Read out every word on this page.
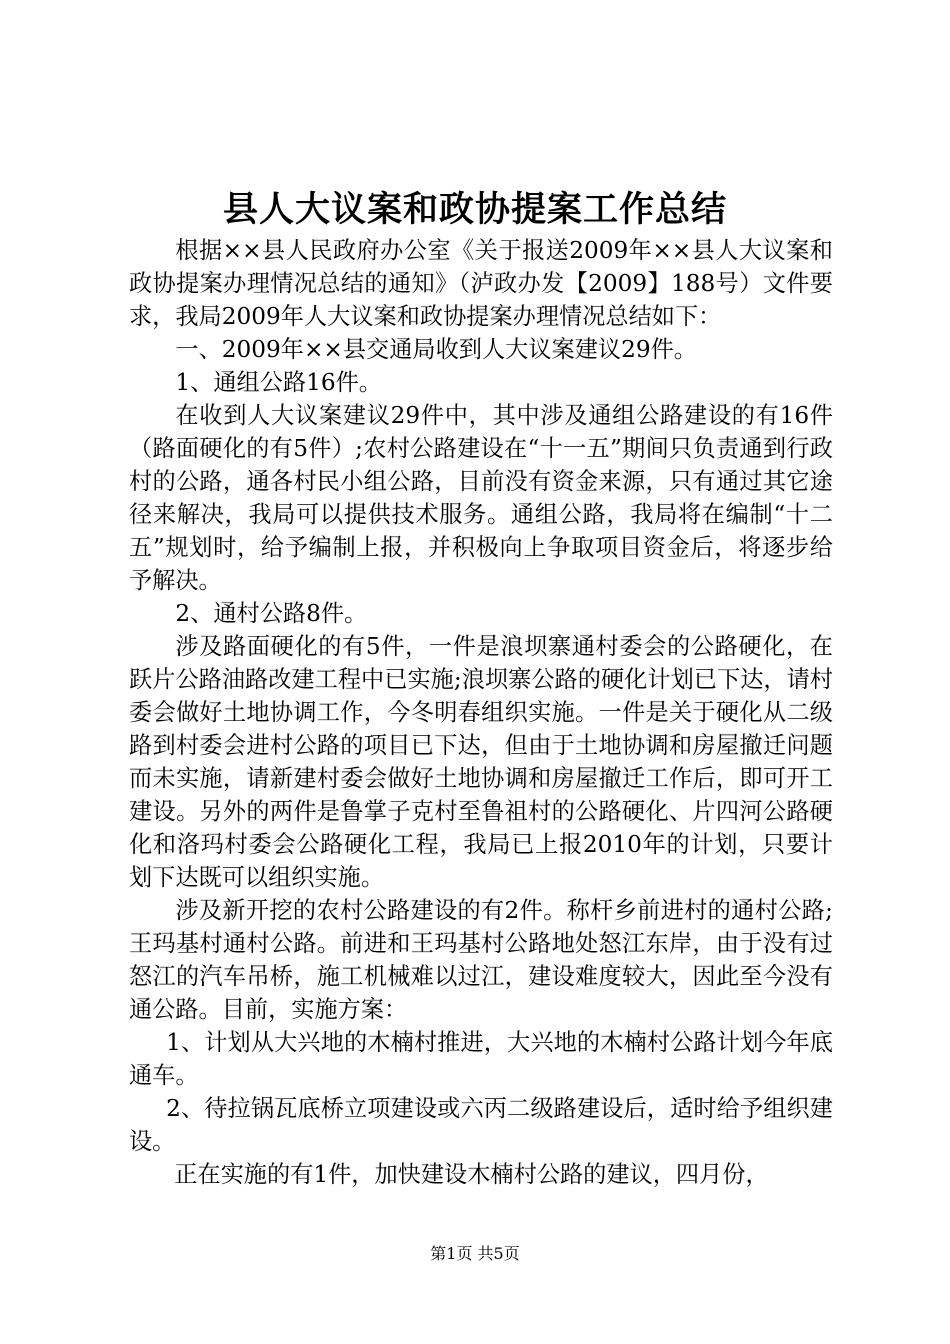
县人大议案和政协提案工作总结

根据××县人民政府办公室《关于报送2009年××县人大议案和政协提案办理情况总结的通知》（泸政办发【2009】188号）文件要求，我局2009年人大议案和政协提案办理情况总结如下：

一、2009年××县交通局收到人大议案建议29件。

1、通组公路16件。

在收到人大议案建议29件中，其中涉及通组公路建设的有16件（路面硬化的有5件）;农村公路建设在“十一五”期间只负责通到行政村的公路，通各村民小组公路，目前没有资金来源，只有通过其它途径来解决，我局可以提供技术服务。通组公路，我局将在编制“十二五”规划时，给予编制上报，并积极向上争取项目资金后，将逐步给予解决。

2、通村公路8件。

涉及路面硬化的有5件，一件是浪坝寨通村委会的公路硬化，在跃片公路油路改建工程中已实施;浪坝寨公路的硬化计划已下达，请村委会做好土地协调工作，今冬明春组织实施。一件是关于硬化从二级路到村委会进村公路的项目已下达，但由于土地协调和房屋撤迁问题而未实施，请新建村委会做好土地协调和房屋撤迁工作后，即可开工建设。另外的两件是鲁掌子克村至鲁祖村的公路硬化、片四河公路硬化和洛玛村委会公路硬化工程，我局已上报2010年的计划，只要计划下达既可以组织实施。

涉及新开挖的农村公路建设的有2件。称杆乡前进村的通村公路;王玛基村通村公路。前进和王玛基村公路地处怒江东岸，由于没有过怒江的汽车吊桥，施工机械难以过江，建设难度较大，因此至今没有通公路。目前，实施方案：

1、计划从大兴地的木楠村推进，大兴地的木楠村公路计划今年底通车。

2、待拉锅瓦底桥立项建设或六丙二级路建设后，适时给予组织建设。

正在实施的有1件，加快建设木楠村公路的建议，四月份，

第1页 共5页
